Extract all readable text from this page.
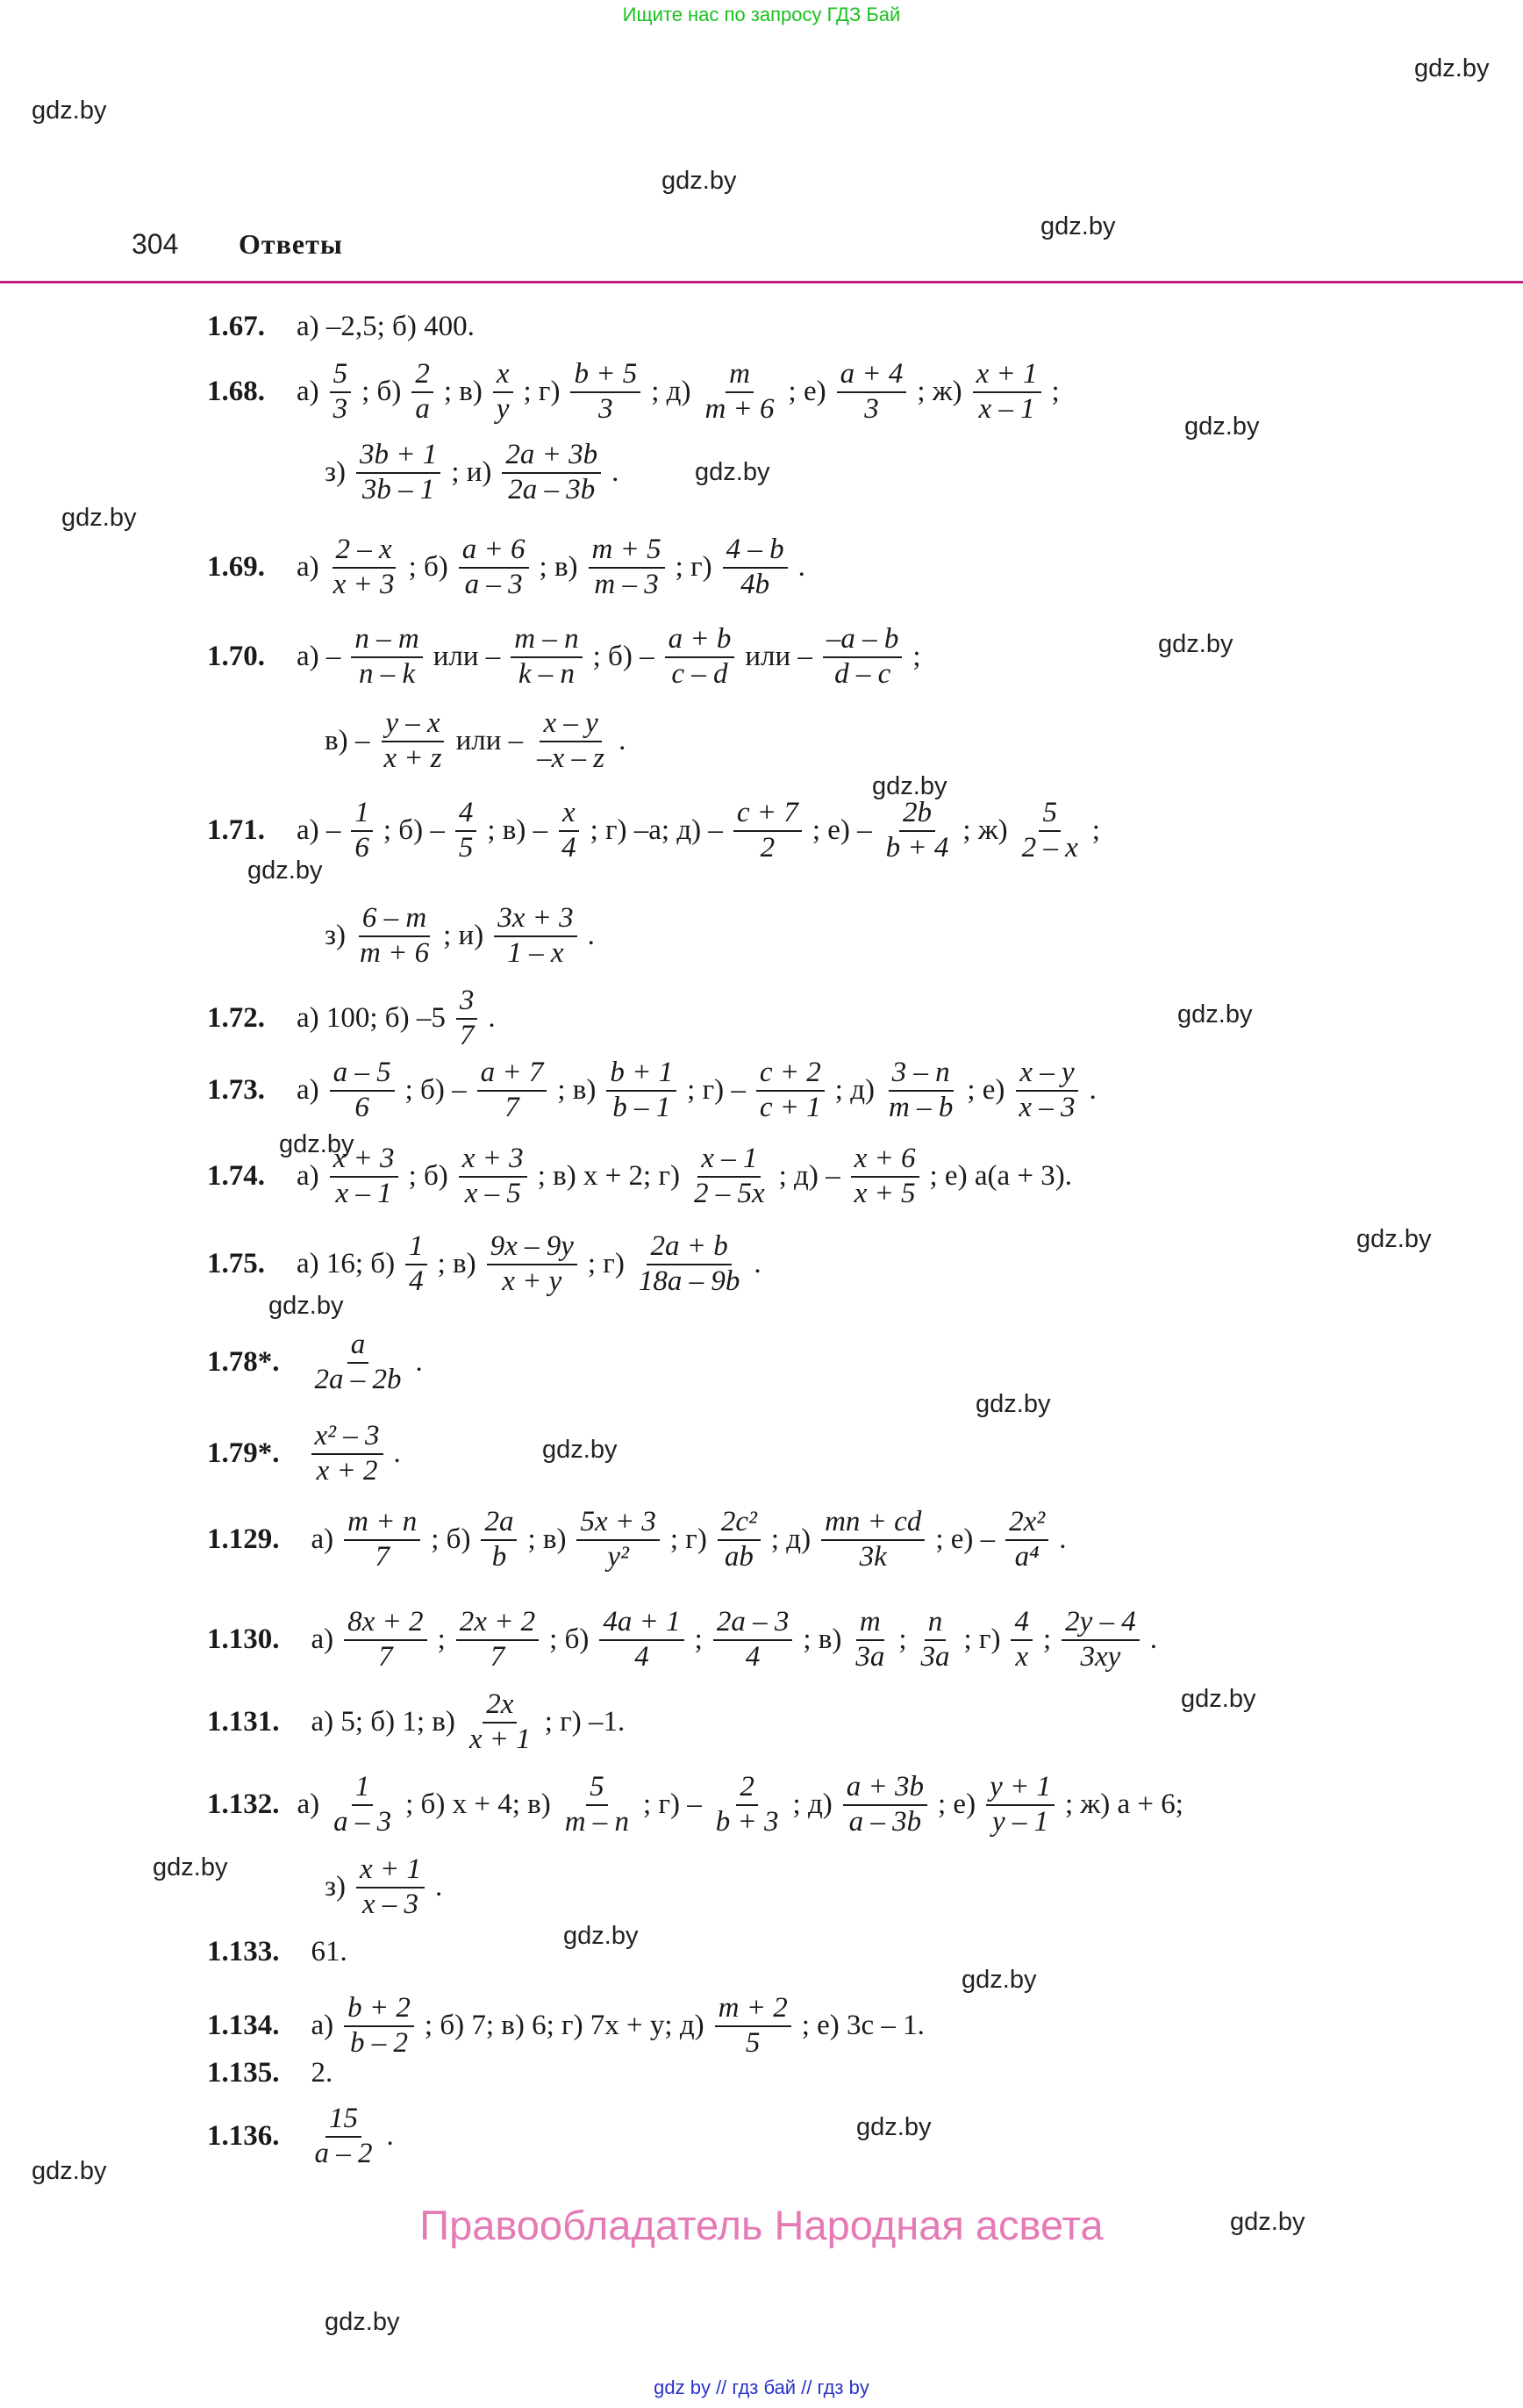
Ищите нас по запросу ГДЗ Бай
gdz.by
gdz.by
gdz.by
gdz.by
gdz.by
gdz.by
gdz.by
gdz.by
gdz.by
gdz.by
gdz.by
gdz.by
gdz.by
gdz.by
gdz.by
gdz.by
gdz.by
gdz.by
gdz.by
gdz.by
gdz.by
gdz.by
gdz.by
gdz.by
304 Ответы
1.67. а) –2,5; б) 400.
1.68. $а) \frac{5}{3}$ ; $б) \frac{2}{a}$ ; $в) \frac{x}{y}$ ; $г) \frac{b + 5}{3}$ ; $д) \frac{m}{m + 6}$ ; $е) \frac{a + 4}{3}$ ; $ж) \frac{x + 1}{x - 1}$ ;
$з) \frac{3b + 1}{3b - 1}$ ; $и) \frac{2a + 3b}{2a - 3b}$ .
1.69. $а) \frac{2 - x}{x + 3}$ ; $б) \frac{a + 6}{a - 3}$ ; $в) \frac{m + 5}{m - 3}$ ; $г) \frac{4 - b}{4b}$ .
1.70. $а) - \frac{n - m}{n - k}$ или – $\frac{m - n}{k - n}$ ; $б) - \frac{a + b}{c - d}$ или – $\frac{-a - b}{d - c}$ ;
$в) - \frac{y - x}{x + z}$ или – $\frac{x - y}{-x - z}$ .
1.71. $а) - \frac{1}{6}$ ; $б) - \frac{4}{5}$ ; $в) - \frac{x}{4}$ ; г) –a; $д) - \frac{c + 7}{2}$ ; $е) - \frac{2b}{b + 4}$ ; $ж) \frac{5}{2 - x}$ ;
$з) \frac{6 - m}{m + 6}$ ; $и) \frac{3x + 3}{1 - x}$ .
1.72. а) 100; б) $-5 \frac{3}{7}$ .
1.73. $а) \frac{a - 5}{6}$ ; $б) - \frac{a + 7}{7}$ ; $в) \frac{b + 1}{b - 1}$ ; $г) - \frac{c + 2}{c + 1}$ ; $д) \frac{3 - n}{m - b}$ ; $е) \frac{x - y}{x - 3}$ .
1.74. $а) \frac{x + 3}{x - 1}$ ; $б) \frac{x + 3}{x - 5}$ ; в) x + 2; $г) \frac{x - 1}{2 - 5x}$ ; $д) - \frac{x + 6}{x + 5}$ ; е) a(a + 3).
1.75. а) 16; $б) \frac{1}{4}$ ; $в) \frac{9x - 9y}{x + y}$ ; $г) \frac{2a + b}{18a - 9b}$ .
1.78*. $\frac{a}{2a - 2b}$ .
1.79*. $\frac{\text{x² – 3}}{x + 2}$ .
1.129. $а) \frac{m + n}{7}$ ; $б) \frac{2a}{b}$ ; $в) \frac{5x + 3}{\text{y²}}$ ; $г) \frac{\text{2c²}}{ab}$ ; $д) \frac{mn + cd}{3k}$ ; $е) - \frac{\text{2x²}}{\text{a⁴}}$ .
1.130. $а) \frac{8x + 2}{7}$ ; $\frac{2x + 2}{7}$ ; $б) \frac{4a + 1}{4}$ ; $\frac{2a - 3}{4}$ ; $в) \frac{m}{3a}$ ; $\frac{n}{3a}$ ; $г) \frac{4}{x}$ ; $\frac{2y - 4}{3xy}$ .
1.131. а) 5; б) 1; $в) \frac{2x}{x + 1}$ ; г) –1.
1.132. $а) \frac{1}{a - 3}$ ; б) x + 4; $в) \frac{5}{m - n}$ ; $г) - \frac{2}{b + 3}$ ; $д) \frac{a + 3b}{a - 3b}$ ; $е) \frac{y + 1}{y - 1}$ ; ж) a + 6;
$з) \frac{x + 1}{x - 3}$ .
1.133. 61.
1.134. $а) \frac{b + 2}{b - 2}$ ; б) 7; в) 6; г) 7x + y; $д) \frac{m + 2}{5}$ ; е) 3c – 1.
1.135. 2.
1.136. $\frac{15}{a - 2}$ .
Правообладатель Народная асвета
gdz by // гдз бай // гдз by
